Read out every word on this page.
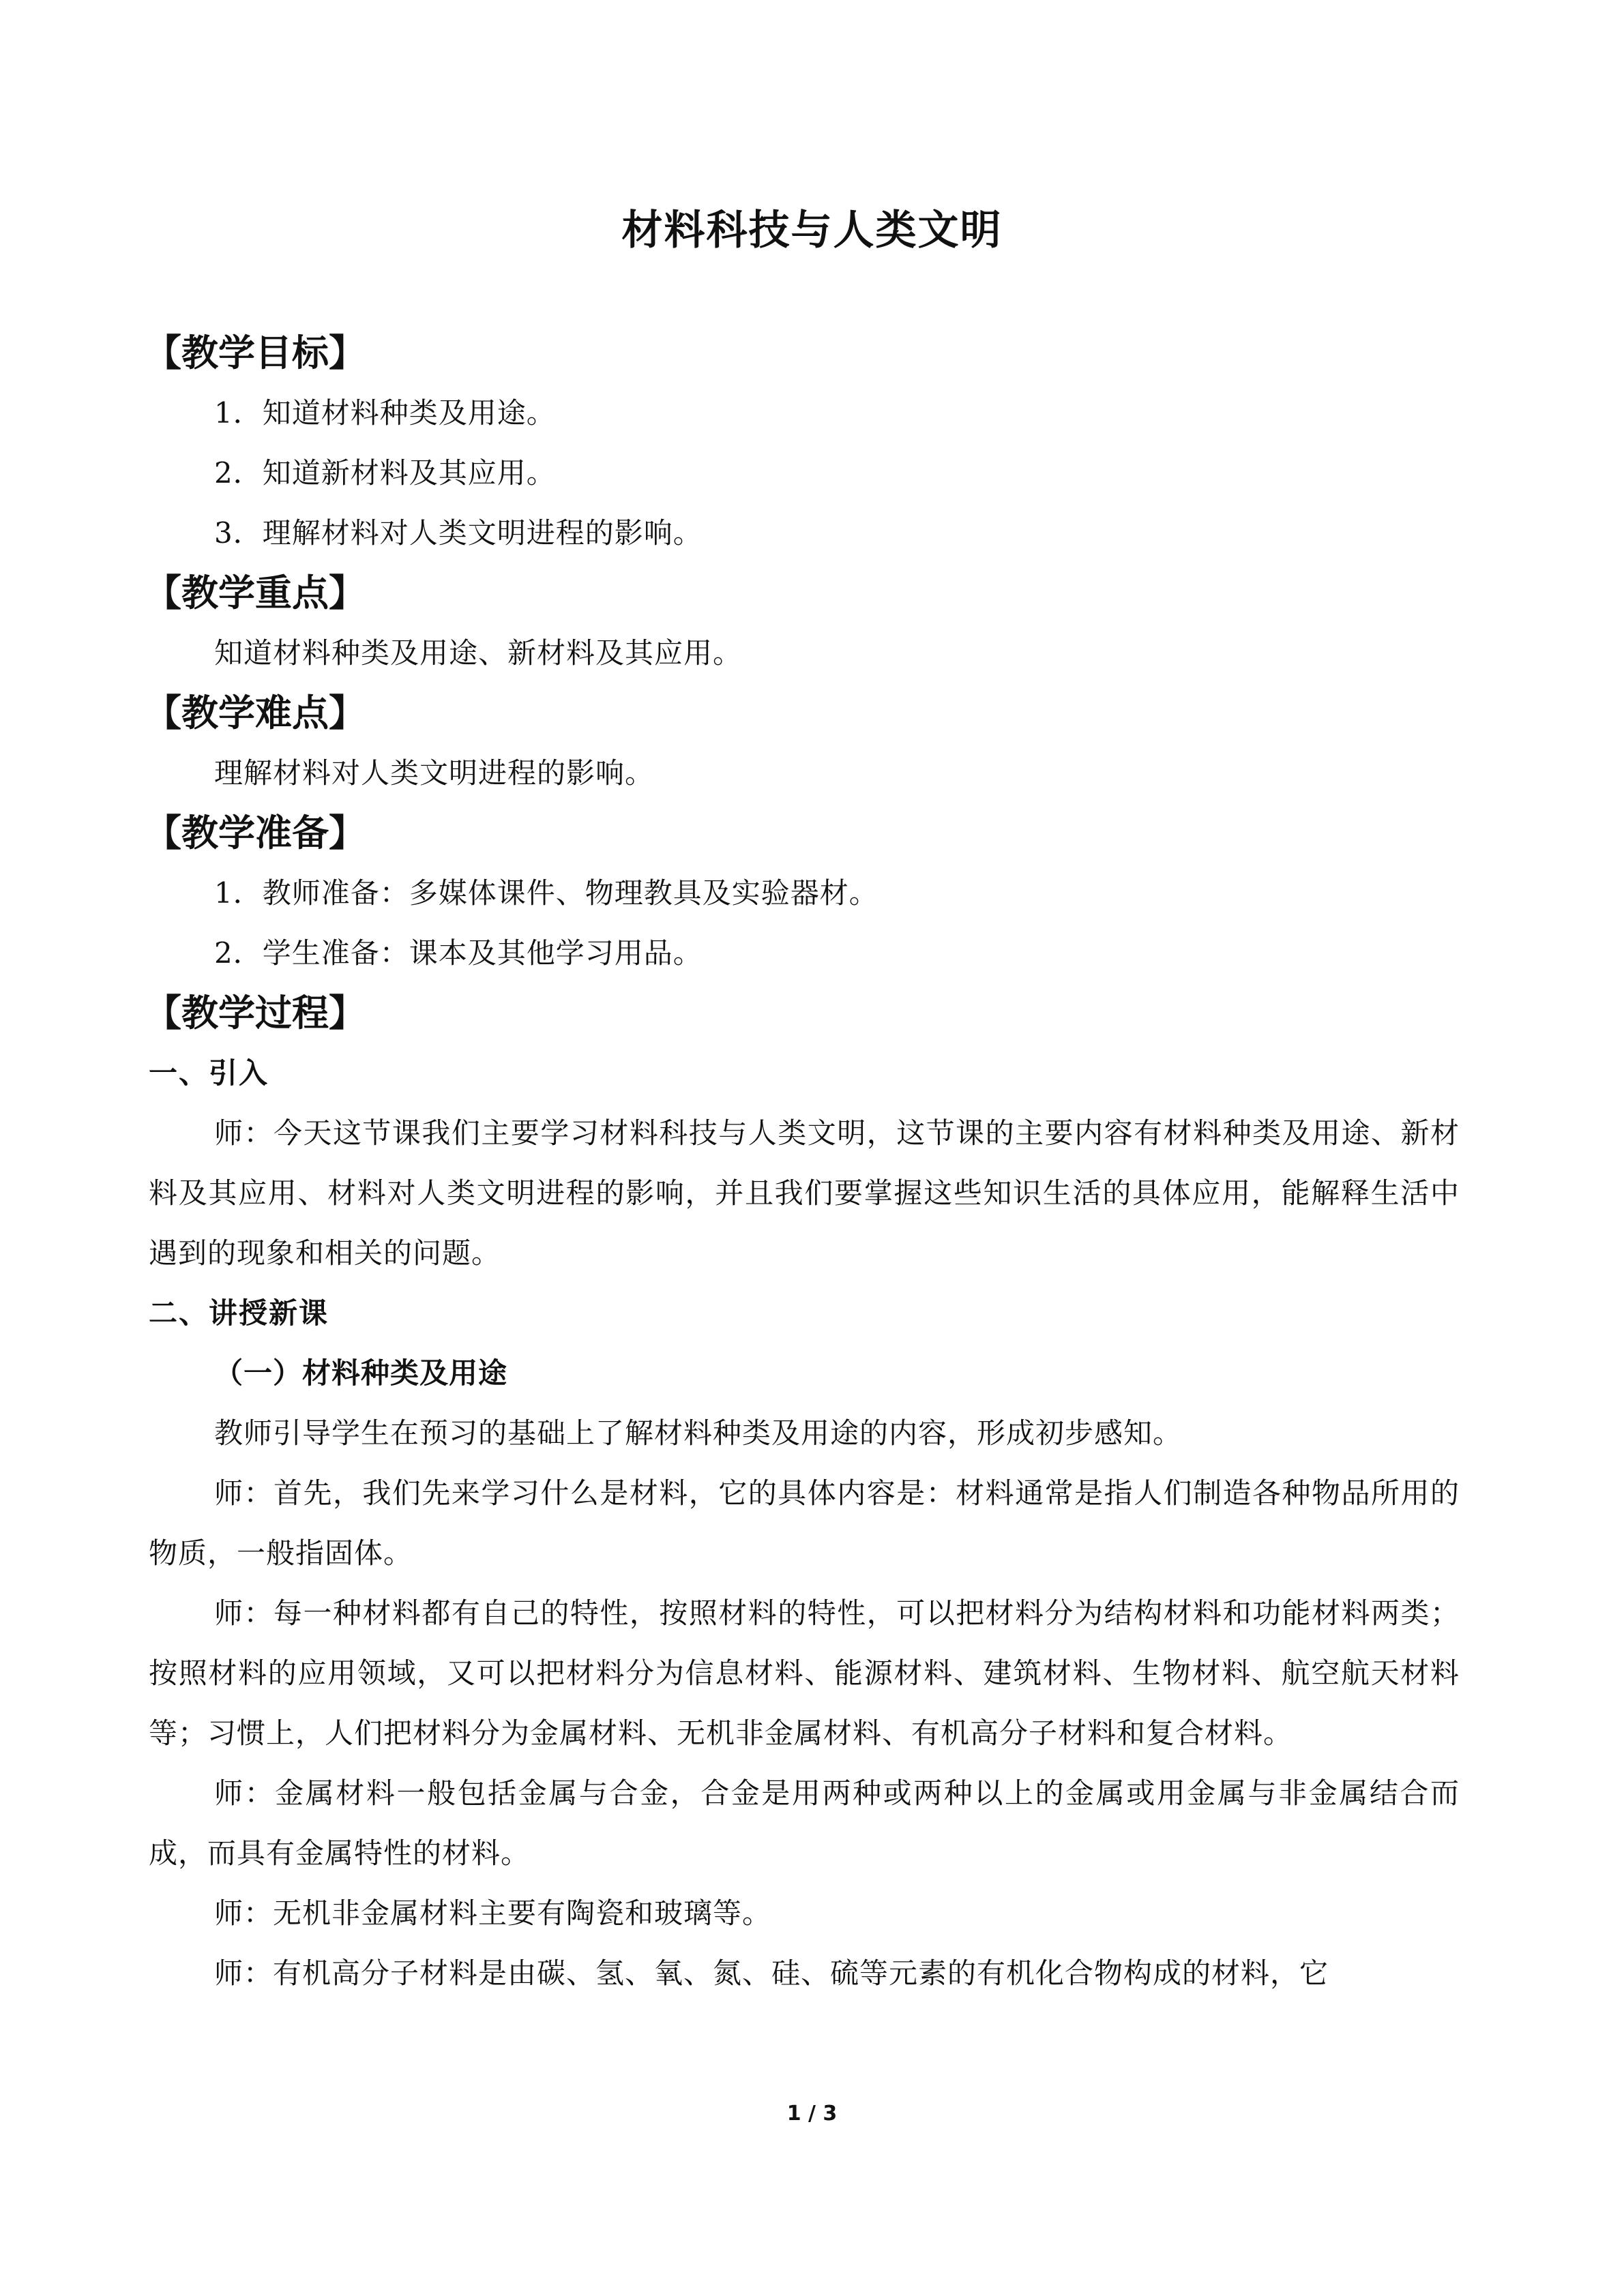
材料科技与人类文明
【教学目标】
1．知道材料种类及用途。
2．知道新材料及其应用。
3．理解材料对人类文明进程的影响。
【教学重点】

知道材料种类及用途、新材料及其应用。

【教学难点】

理解材料对人类文明进程的影响。

【教学准备】
1．教师准备：多媒体课件、物理教具及实验器材。
2．学生准备：课本及其他学习用品。
【教学过程】
一、引入

师：今天这节课我们主要学习材料科技与人类文明，这节课的主要内容有材料种类及用途、新材料及其应用、材料对人类文明进程的影响，并且我们要掌握这些知识生活的具体应用，能解释生活中遇到的现象和相关的问题。

二、讲授新课
（一）材料种类及用途

教师引导学生在预习的基础上了解材料种类及用途的内容，形成初步感知。

师：首先，我们先来学习什么是材料，它的具体内容是：材料通常是指人们制造各种物品所用的物质，一般指固体。

师：每一种材料都有自己的特性，按照材料的特性，可以把材料分为结构材料和功能材料两类；按照材料的应用领域，又可以把材料分为信息材料、能源材料、建筑材料、生物材料、航空航天材料等；习惯上，人们把材料分为金属材料、无机非金属材料、有机高分子材料和复合材料。

师：金属材料一般包括金属与合金，合金是用两种或两种以上的金属或用金属与非金属结合而成，而具有金属特性的材料。

师：无机非金属材料主要有陶瓷和玻璃等。

师：有机高分子材料是由碳、氢、氧、氮、硅、硫等元素的有机化合物构成的材料，它

1 / 3
